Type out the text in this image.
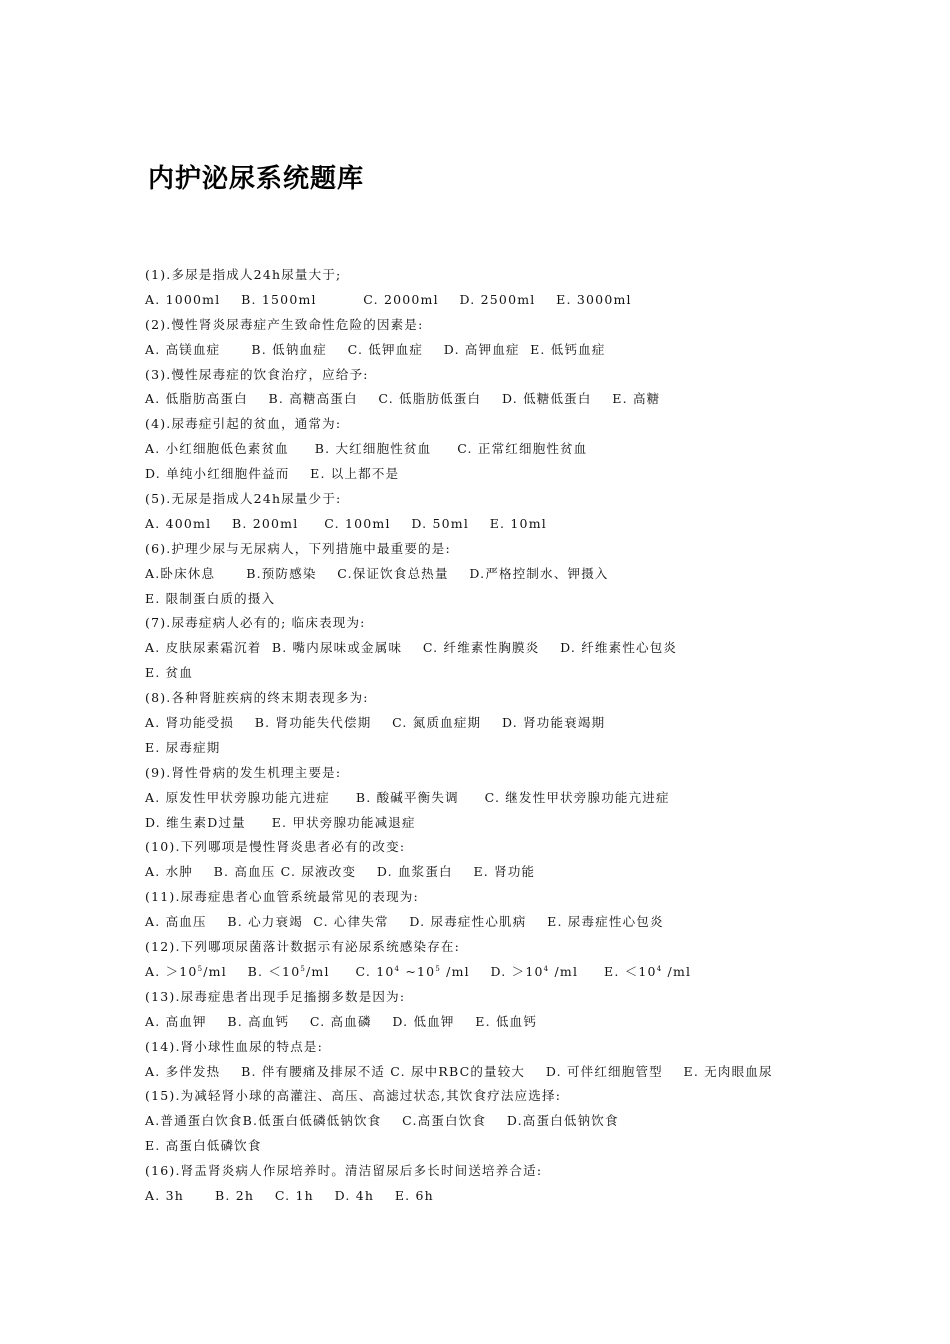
内护泌尿系统题库
(1).多尿是指成人24h尿量大于;
A. 1000ml    B. 1500ml         C. 2000ml    D. 2500ml    E. 3000ml
(2).慢性肾炎尿毒症产生致命性危险的因素是:
A. 高镁血症      B. 低钠血症    C. 低钾血症    D. 高钾血症  E. 低钙血症
(3).慢性尿毒症的饮食治疗，应给予:
A. 低脂肪高蛋白    B. 高糖高蛋白    C. 低脂肪低蛋白    D. 低糖低蛋白    E. 高糖
(4).尿毒症引起的贫血，通常为:
A. 小红细胞低色素贫血     B. 大红细胞性贫血     C. 正常红细胞性贫血
D. 单纯小红细胞件益而    E. 以上都不是
(5).无尿是指成人24h尿量少于:
A. 400ml    B. 200ml     C. 100ml    D. 50ml    E. 10ml
(6).护理少尿与无尿病人，下列措施中最重要的是:
A.卧床休息      B.预防感染    C.保证饮食总热量    D.严格控制水、钾摄入
E. 限制蛋白质的摄入
(7).尿毒症病人必有的; 临床表现为:
A. 皮肤尿素霜沉着  B. 嘴内尿味或金属味    C. 纤维素性胸膜炎    D. 纤维素性心包炎
E. 贫血
(8).各种肾脏疾病的终末期表现多为:
A. 肾功能受损    B. 肾功能失代偿期    C. 氮质血症期    D. 肾功能衰竭期
E. 尿毒症期
(9).肾性骨病的发生机理主要是:
A. 原发性甲状旁腺功能亢进症     B. 酸碱平衡失调     C. 继发性甲状旁腺功能亢进症
D. 维生素D过量     E. 甲状旁腺功能减退症
(10).下列哪项是慢性肾炎患者必有的改变:
A. 水肿    B. 高血压 C. 尿液改变    D. 血浆蛋白    E. 肾功能
(11).尿毒症患者心血管系统最常见的表现为:
A. 高血压    B. 心力衰竭  C. 心律失常    D. 尿毒症性心肌病    E. 尿毒症性心包炎
(12).下列哪项尿菌落计数据示有泌尿系统感染存在:
A. $>10^5/ml$    B. $<10^5/ml$     C. $10^4$ $\sim 10^5$ /ml    D. $>10^4$ /ml     E. $<10^4$ /ml
(13).尿毒症患者出现手足搐搦多数是因为:
A. 高血钾    B. 高血钙    C. 高血磷    D. 低血钾    E. 低血钙
(14).肾小球性血尿的特点是:
A. 多伴发热    B. 伴有腰痛及排尿不适 C. 尿中RBC的量较大    D. 可伴红细胞管型    E. 无肉眼血尿
(15).为减轻肾小球的高灌注、高压、高滤过状态,其饮食疗法应选择:
A.普通蛋白饮食B.低蛋白低磷低钠饮食    C.高蛋白饮食    D.高蛋白低钠饮食
E. 高蛋白低磷饮食
(16).肾盂肾炎病人作尿培养时。清洁留尿后多长时间送培养合适:
A. 3h      B. 2h    C. 1h    D. 4h    E. 6h
